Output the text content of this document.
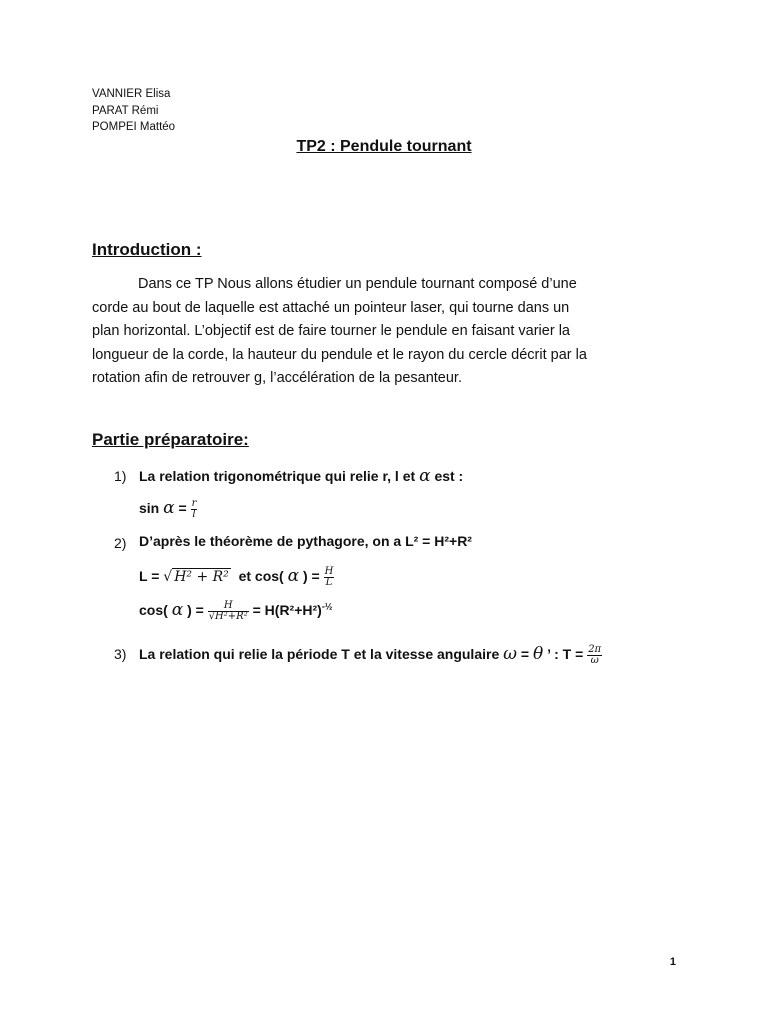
VANNIER Elisa
PARAT Rémi
POMPEI Mattéo
TP2 : Pendule tournant
Introduction :
Dans ce TP Nous allons étudier un pendule tournant composé d’une
corde au bout de laquelle est attaché un pointeur laser, qui tourne dans un
plan horizontal. L’objectif est de faire tourner le pendule en faisant varier la
longueur de la corde, la hauteur du pendule et le rayon du cercle décrit par la
rotation afin de retrouver g, l’accélération de la pesanteur.
Partie préparatoire:
1) La relation trigonométrique qui relie r, l et α est :
$\sin \alpha = \frac{r}{l}$
2) D’après le théorème de pythagore, on a L² = H²+R²
L = √ H² + R² et cos( α ) = $\frac{H}{L}$
cos( α ) = $\frac{H}{\text{√H²+R²}} = H(R^2+H^2)^{-\frac{1}{2}}$
3) La relation qui relie la période T et la vitesse angulaire ω = θ ’ : $T = \frac{2\pi}{\omega}$
1
